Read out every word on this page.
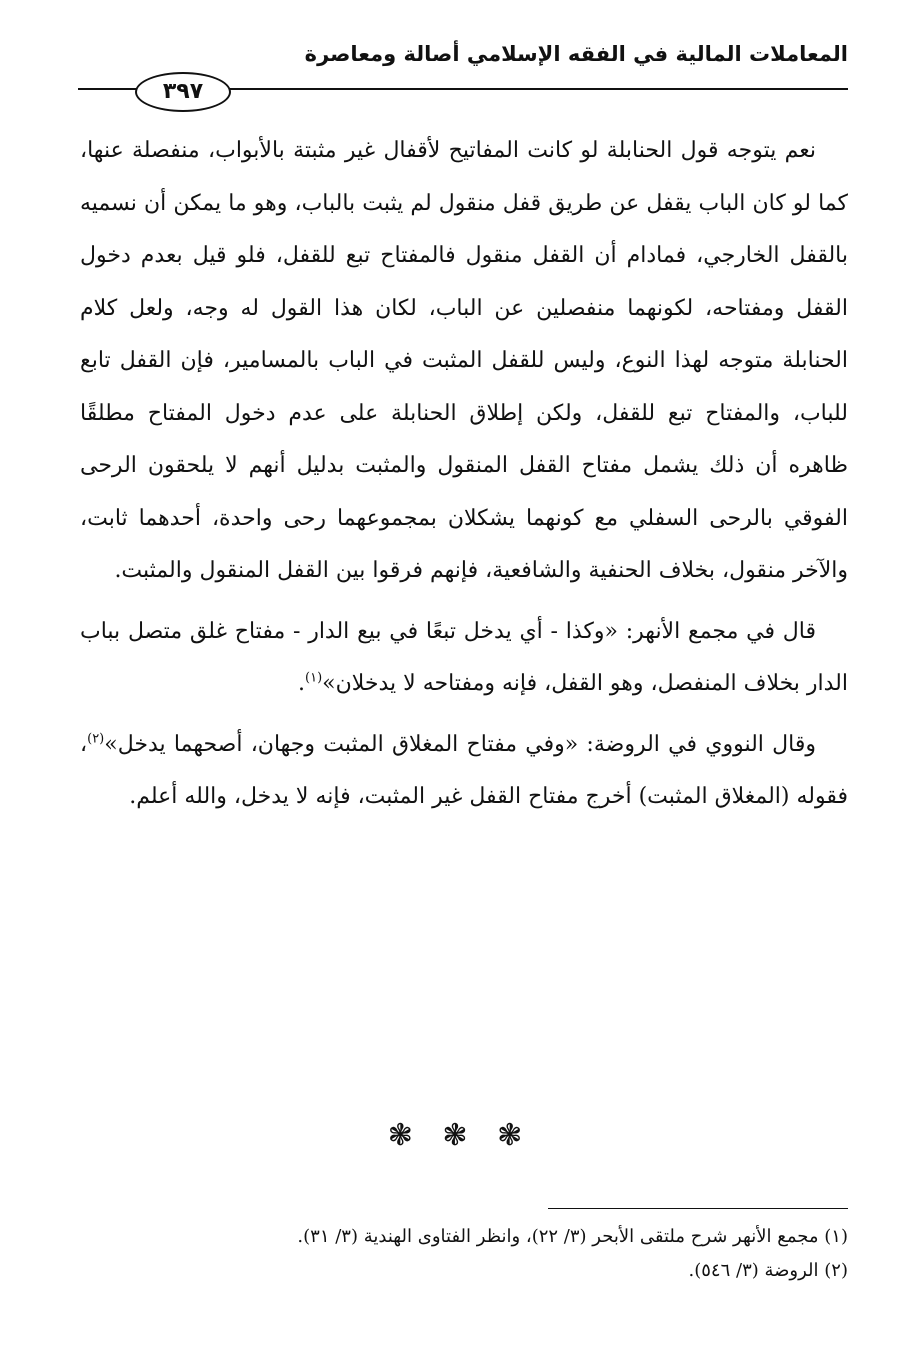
المعاملات المالية في الفقه الإسلامي أصالة ومعاصرة
٣٩٧

نعم يتوجه قول الحنابلة لو كانت المفاتيح لأقفال غير مثبتة بالأبواب، منفصلة عنها، كما لو كان الباب يقفل عن طريق قفل منقول لم يثبت بالباب، وهو ما يمكن أن نسميه بالقفل الخارجي، فمادام أن القفل منقول فالمفتاح تبع للقفل، فلو قيل بعدم دخول القفل ومفتاحه، لكونهما منفصلين عن الباب، لكان هذا القول له وجه، ولعل كلام الحنابلة متوجه لهذا النوع، وليس للقفل المثبت في الباب بالمسامير، فإن القفل تابع للباب، والمفتاح تبع للقفل، ولكن إطلاق الحنابلة على عدم دخول المفتاح مطلقًا ظاهره أن ذلك يشمل مفتاح القفل المنقول والمثبت بدليل أنهم لا يلحقون الرحى الفوقي بالرحى السفلي مع كونهما يشكلان بمجموعهما رحى واحدة، أحدهما ثابت، والآخر منقول، بخلاف الحنفية والشافعية، فإنهم فرقوا بين القفل المنقول والمثبت.

قال في مجمع الأنهر: «وكذا - أي يدخل تبعًا في بيع الدار - مفتاح غلق متصل بباب الدار بخلاف المنفصل، وهو القفل، فإنه ومفتاحه لا يدخلان»$^{(١)}$.

وقال النووي في الروضة: «وفي مفتاح المغلاق المثبت وجهان، أصحهما يدخل»$^{(٢)}$، فقوله (المغلاق المثبت) أخرج مفتاح القفل غير المثبت، فإنه لا يدخل، والله أعلم.

❃ ❃ ❃
(١) مجمع الأنهر شرح ملتقى الأبحر (٣/ ٢٢)، وانظر الفتاوى الهندية (٣/ ٣١).
(٢) الروضة (٣/ ٥٤٦).
